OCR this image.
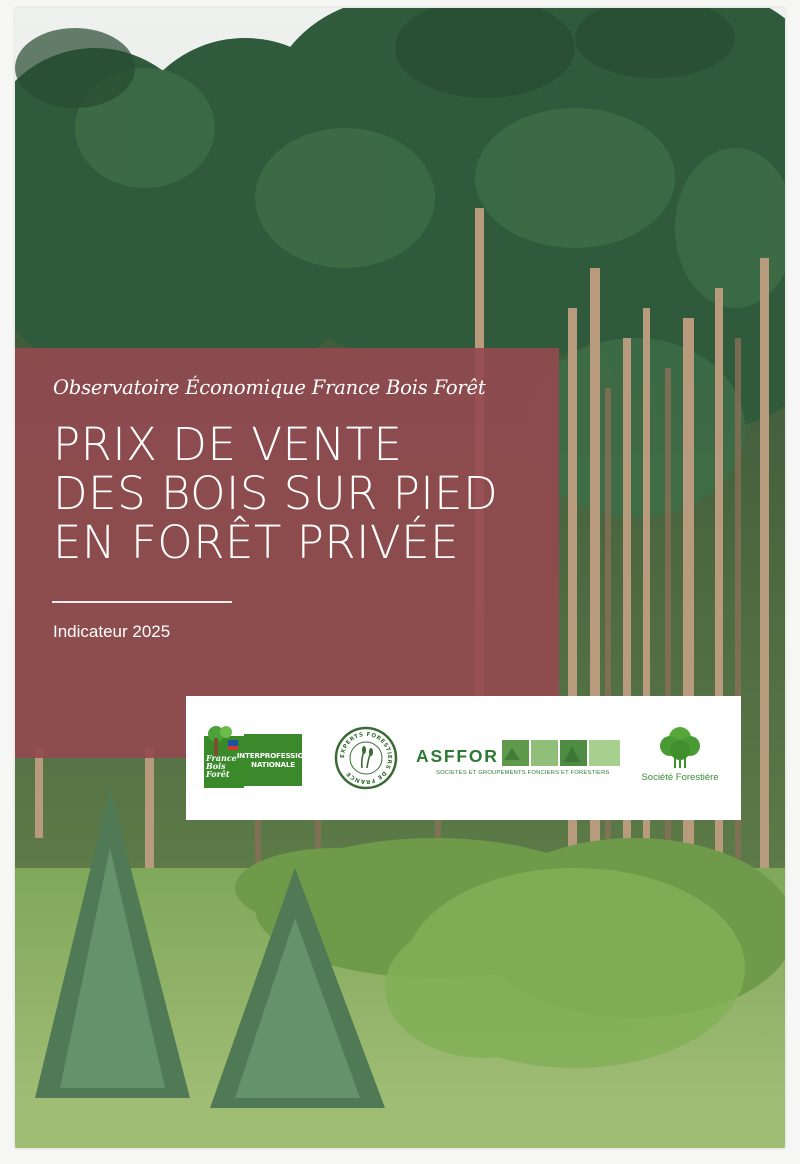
Observatoire Économique France Bois Forêt
PRIX DE VENTE
DES BOIS SUR PIED
EN FORÊT PRIVÉE
Indicateur 2025
France Bois Forêt
INTERPROFESSION
NATIONALE
EXPERTS FORESTIERS DE FRANCE
ASFFOR
SOCIETES ET GROUPEMENTS FONCIERS ET FORESTIERS	Société Forestière
